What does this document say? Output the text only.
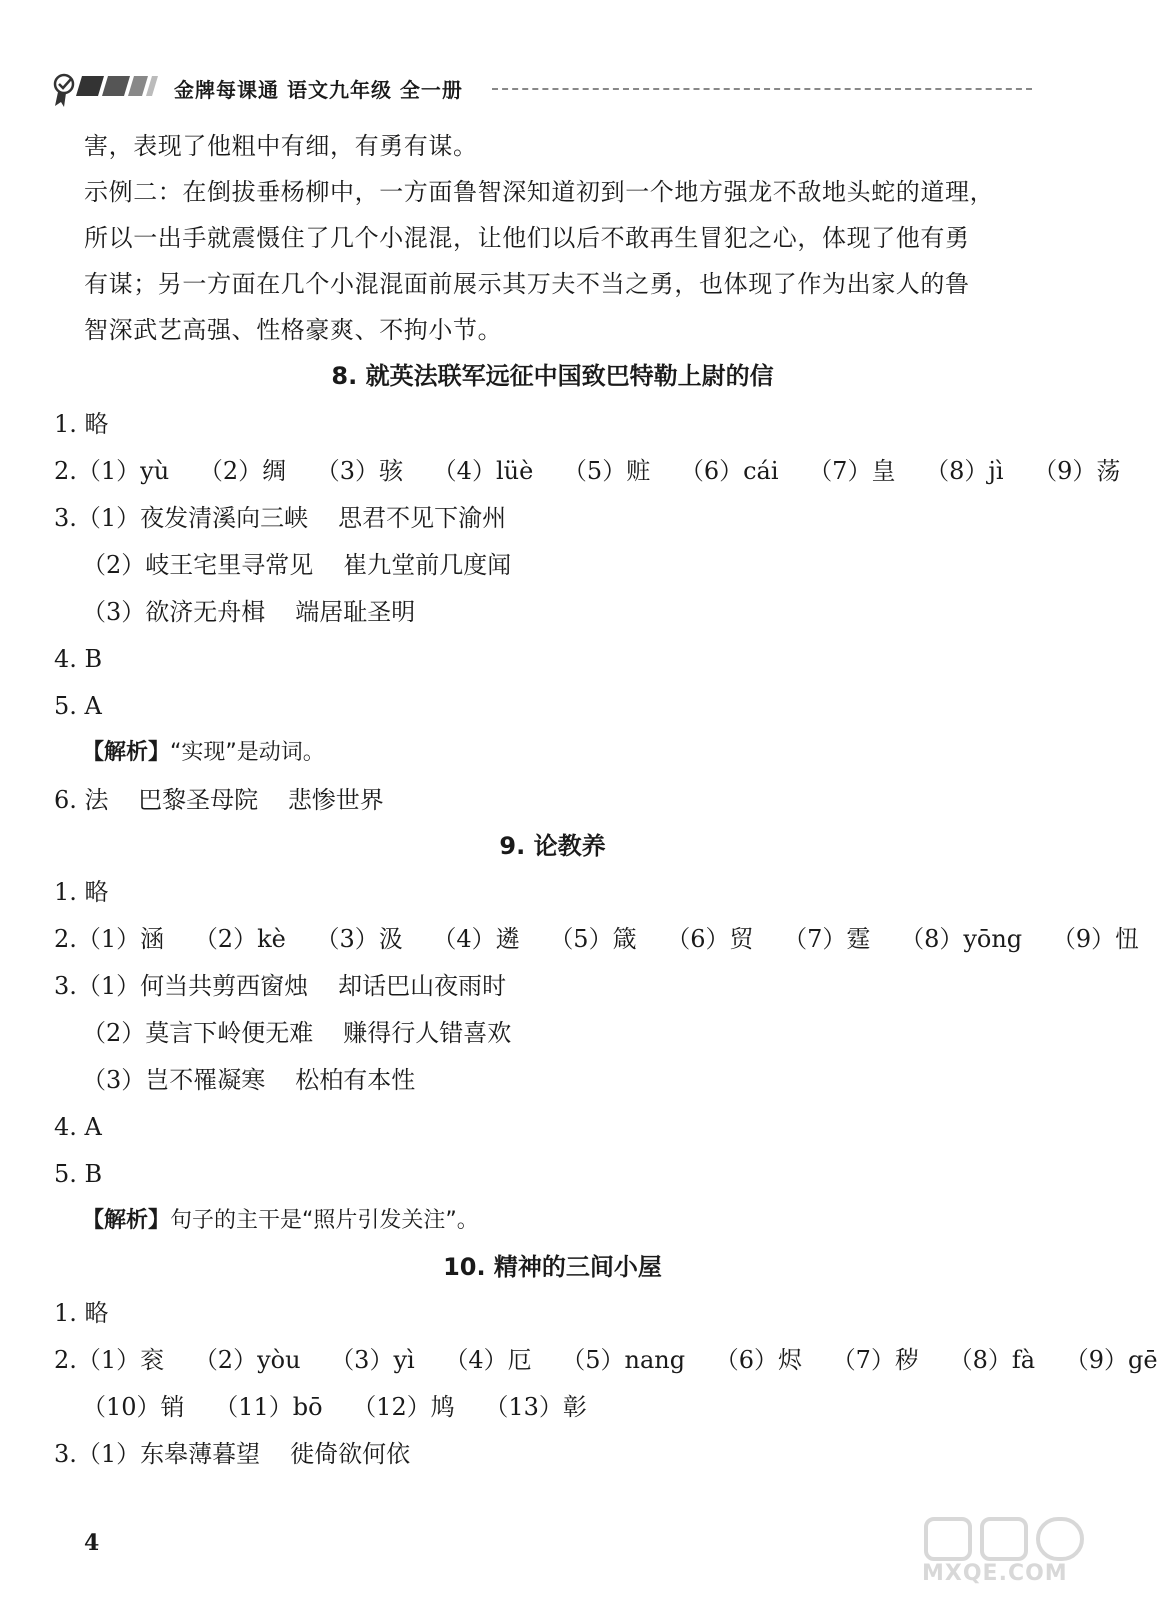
金牌每课通 语文九年级 全一册
害，表现了他粗中有细，有勇有谋。
示例二：在倒拔垂杨柳中，一方面鲁智深知道初到一个地方强龙不敌地头蛇的道理，
所以一出手就震慑住了几个小混混，让他们以后不敢再生冒犯之心，体现了他有勇
有谋；另一方面在几个小混混面前展示其万夫不当之勇，也体现了作为出家人的鲁
智深武艺高强、性格豪爽、不拘小节。
8. 就英法联军远征中国致巴特勒上尉的信
1. 略
2.（1）yù （2）绸 （3）骇 （4）lüè （5）赃 （6）cái （7）皇 （8）jì （9）荡
3.（1）夜发清溪向三峡 思君不见下渝州
（2）岐王宅里寻常见 崔九堂前几度闻
（3）欲济无舟楫 端居耻圣明
4. B
5. A
【解析】“实现”是动词。
6. 法 巴黎圣母院 悲惨世界
9. 论教养
1. 略
2.（1）涵 （2）kè （3）汲 （4）遴 （5）箴 （6）贸 （7）霆 （8）yōng （9）忸
3.（1）何当共剪西窗烛 却话巴山夜雨时
（2）莫言下岭便无难 赚得行人错喜欢
（3）岂不罹凝寒 松柏有本性
4. A
5. B
【解析】句子的主干是“照片引发关注”。
10. 精神的三间小屋
1. 略
2.（1）衮 （2）yòu （3）yì （4）厄 （5）nang （6）烬 （7）秽 （8）fà （9）gē
（10）销 （11）bō （12）鸠 （13）彰
3.（1）东皋薄暮望 徙倚欲何依
4
MXQE.COM
